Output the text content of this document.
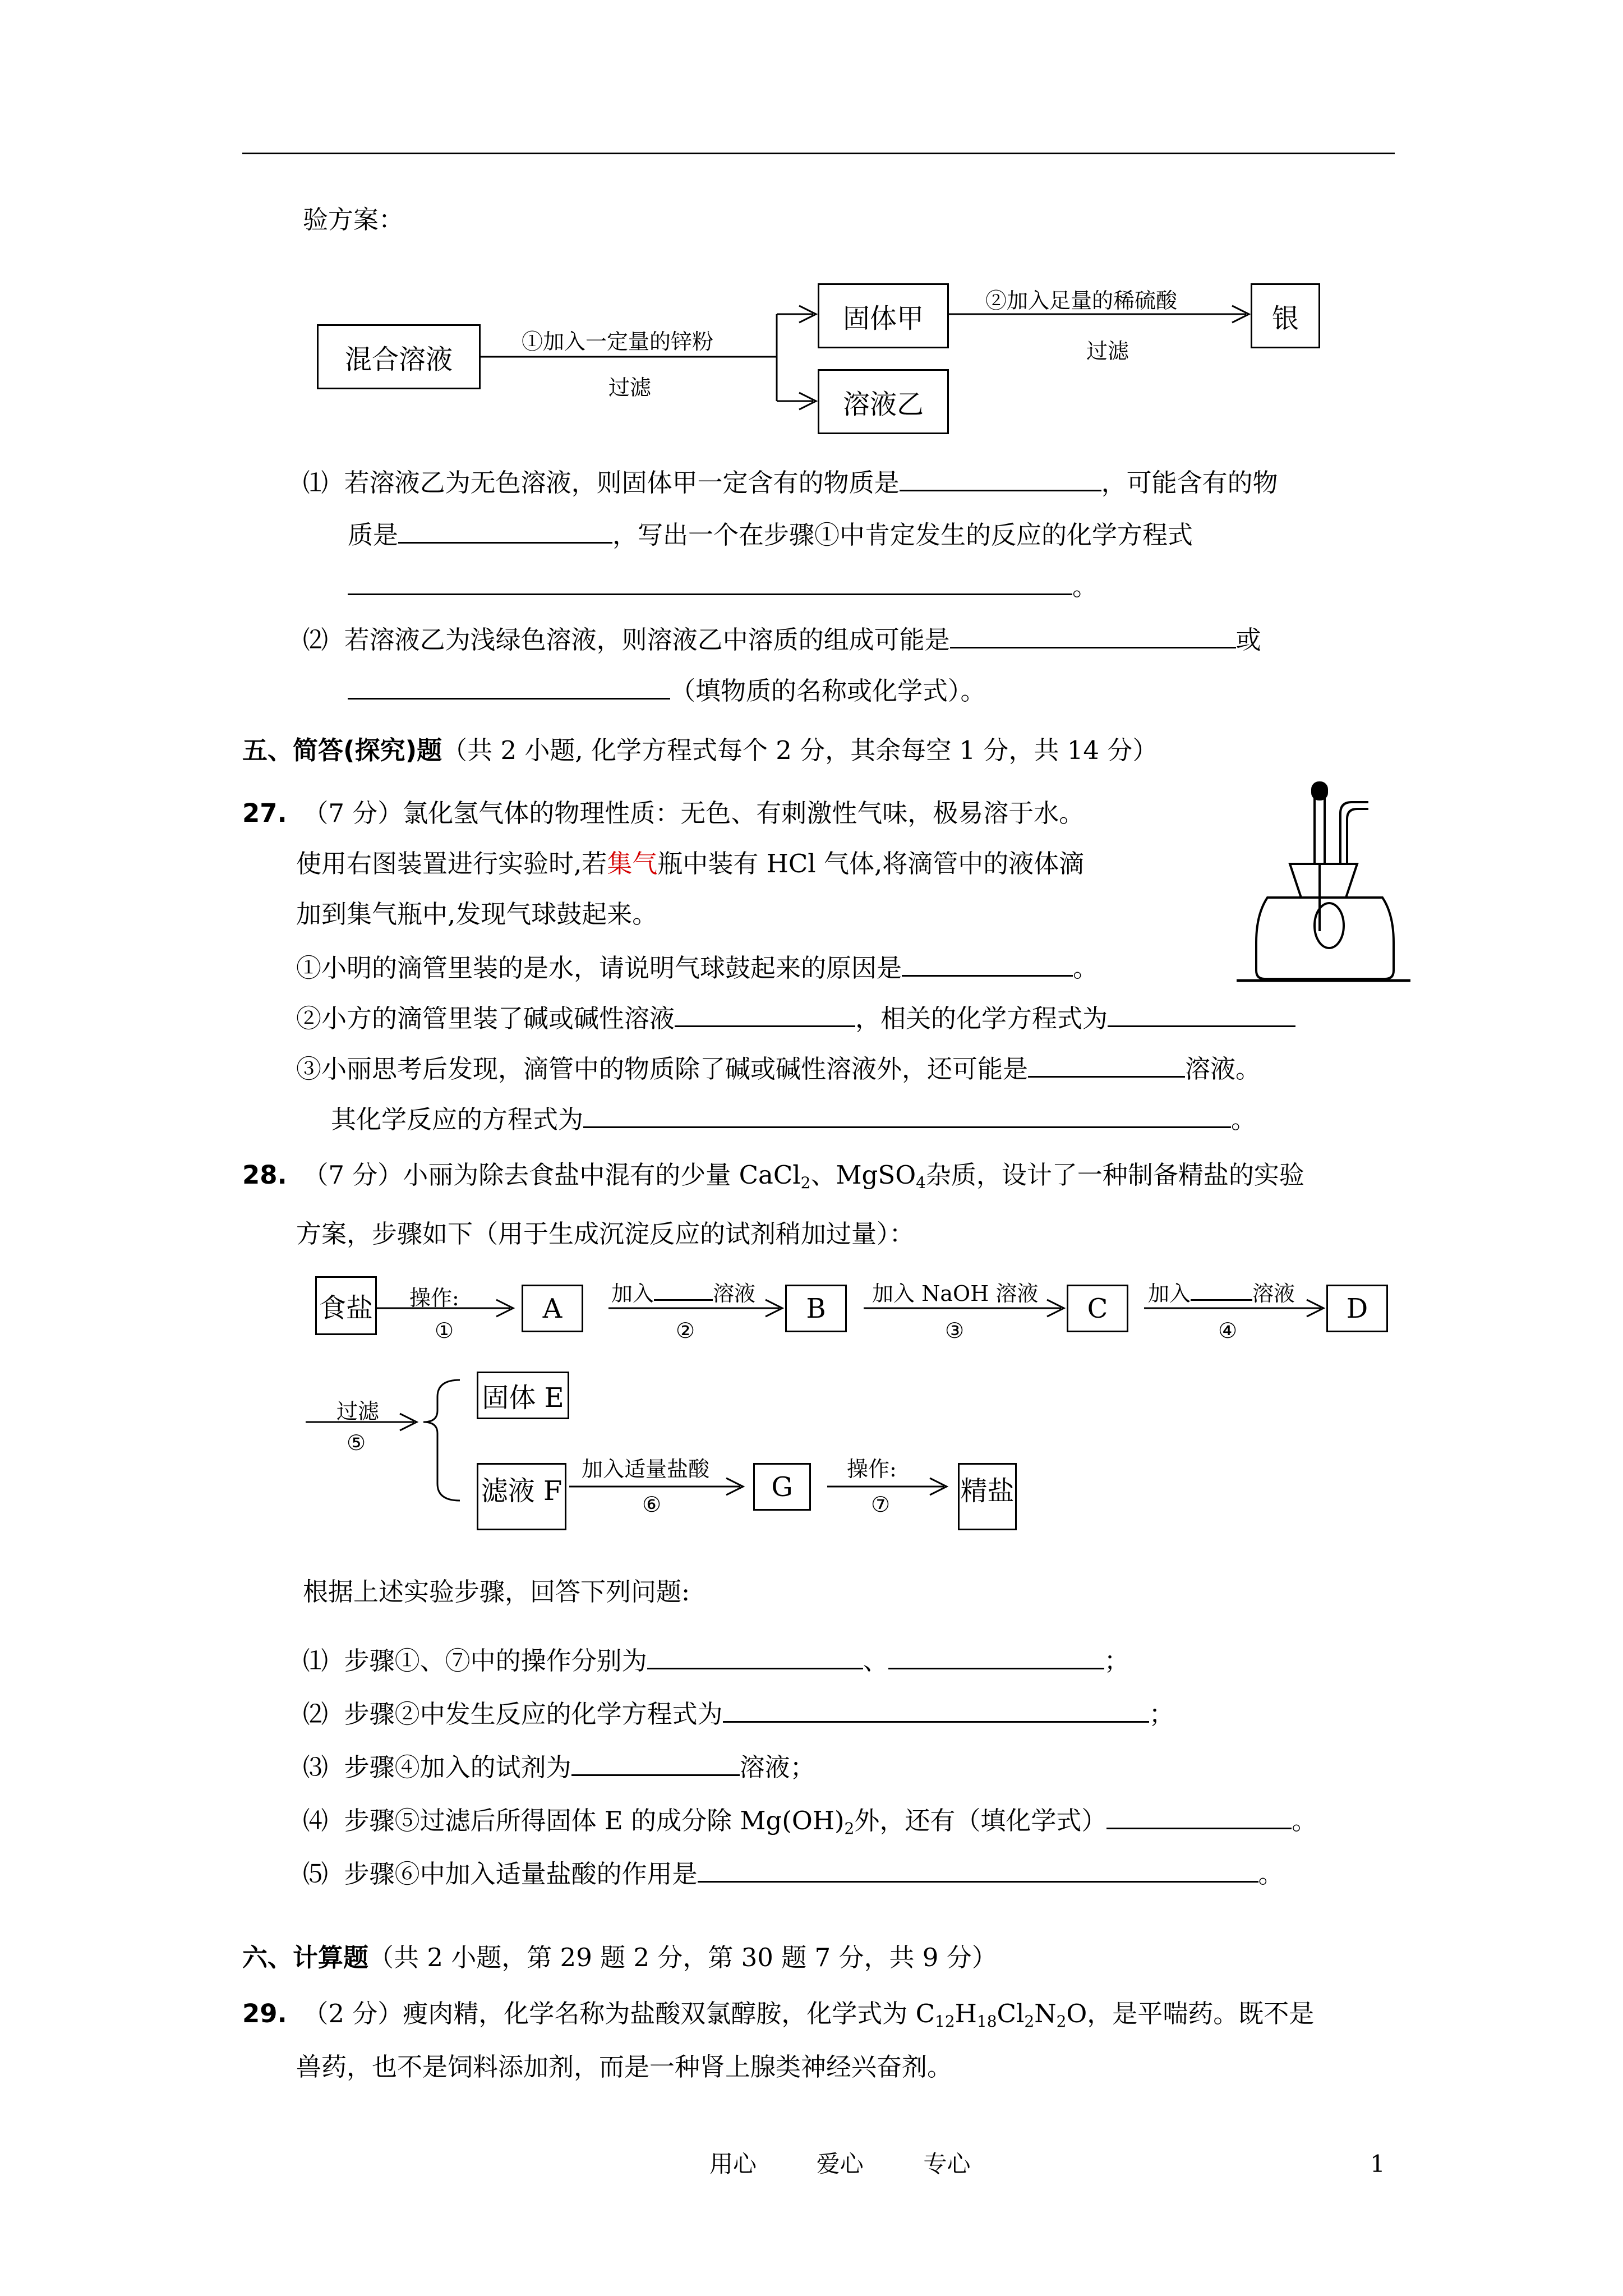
验方案：
混合溶液
固体甲
溶液乙
银
①加入一定量的锌粉
过滤
②加入足量的稀硫酸
过滤
⑴ 若溶液乙为无色溶液，则固体甲一定含有的物质是	，可能含有的物
质是	，写出一个在步骤①中肯定发生的反应的化学方程式
。
⑵ 若溶液乙为浅绿色溶液，则溶液乙中溶质的组成可能是	或
（填物质的名称或化学式）。
五、简答(探究)题（共 2 小题, 化学方程式每个 2 分，其余每空 1 分，共 14 分）
27. （7 分）氯化氢气体的物理性质：无色、有刺激性气味，极易溶于水。
使用右图装置进行实验时,若集气瓶中装有 HCl 气体,将滴管中的液体滴
加到集气瓶中,发现气球鼓起来。
①小明的滴管里装的是水，请说明气球鼓起来的原因是	。
②小方的滴管里装了碱或碱性溶液	，相关的化学方程式为
③小丽思考后发现，滴管中的物质除了碱或碱性溶液外，还可能是	溶液。
其化学反应的方程式为	。
28. （7 分）小丽为除去食盐中混有的少量 CaCl$_2$、MgSO$_4$杂质，设计了一种制备精盐的实验
方案，步骤如下（用于生成沉淀反应的试剂稍加过量）：
食盐 操作:
①
A	加入	溶液
②
B	加入 NaOH 溶液
③
C	加入	溶液
④
D
过滤
⑤
固体 E
滤液 F
加入适量盐酸
⑥
G
操作:
⑦	精盐
根据上述实验步骤，回答下列问题:
⑴ 步骤①、⑦中的操作分别为	、	；
⑵ 步骤②中发生反应的化学方程式为	；
⑶ 步骤④加入的试剂为	溶液；
⑷ 步骤⑤过滤后所得固体 E 的成分除 $Mg(OH)_2$外，还有（填化学式）	。
⑸ 步骤⑥中加入适量盐酸的作用是	。
六、计算题（共 2 小题，第 29 题 2 分，第 30 题 7 分，共 9 分）
29. （2 分）瘦肉精，化学名称为盐酸双氯醇胺，化学式为 $C_{12}H_{18}Cl_2N_2O$，是平喘药。既不是
兽药，也不是饲料添加剂，而是一种肾上腺类神经兴奋剂。
用心	爱心	专心	1
